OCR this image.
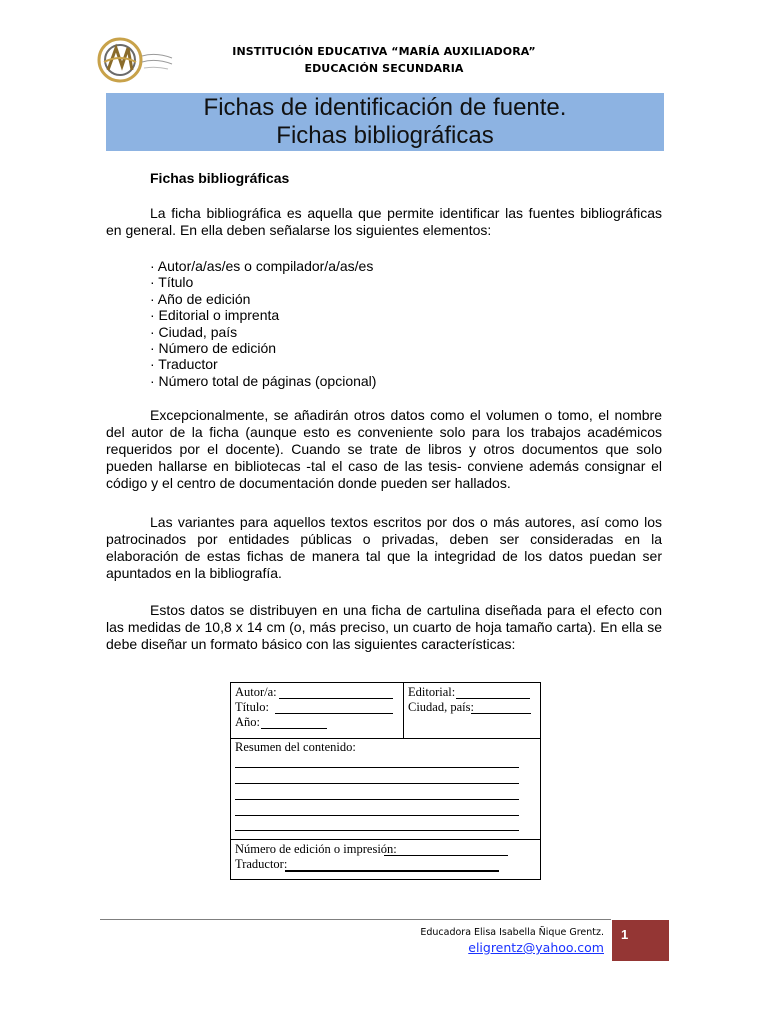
INSTITUCIÓN EDUCATIVA “MARÍA AUXILIADORA”
EDUCACIÓN SECUNDARIA
Fichas de identificación de fuente.
Fichas bibliográficas
Fichas bibliográficas
La ficha bibliográfica es aquella que permite identificar las fuentes bibliográficas en general. En ella deben señalarse los siguientes elementos:
· Autor/a/as/es o compilador/a/as/es
· Título
· Año de edición
· Editorial o imprenta
· Ciudad, país
· Número de edición
· Traductor
· Número total de páginas (opcional)
Excepcionalmente, se añadirán otros datos como el volumen o tomo, el nombre del autor de la ficha (aunque esto es conveniente solo para los trabajos académicos requeridos por el docente). Cuando se trate de libros y otros documentos que solo pueden hallarse en bibliotecas -tal el caso de las tesis- conviene además consignar el código y el centro de documentación donde pueden ser hallados.
Las variantes para aquellos textos escritos por dos o más autores, así como los patrocinados por entidades públicas o privadas, deben ser consideradas en la elaboración de estas fichas de manera tal que la integridad de los datos puedan ser apuntados en la bibliografía.
Estos datos se distribuyen en una ficha de cartulina diseñada para el efecto con las medidas de 10,8 x 14 cm (o, más preciso, un cuarto de hoja tamaño carta). En ella se debe diseñar un formato básico con las siguientes características:
Autor/a:
Título:
Año:
Editorial:
Ciudad, país:
Resumen del contenido:
Número de edición o impresión:
Traductor:
Educadora Elisa Isabella Ñique Grentz.
eligrentz@yahoo.com
1
